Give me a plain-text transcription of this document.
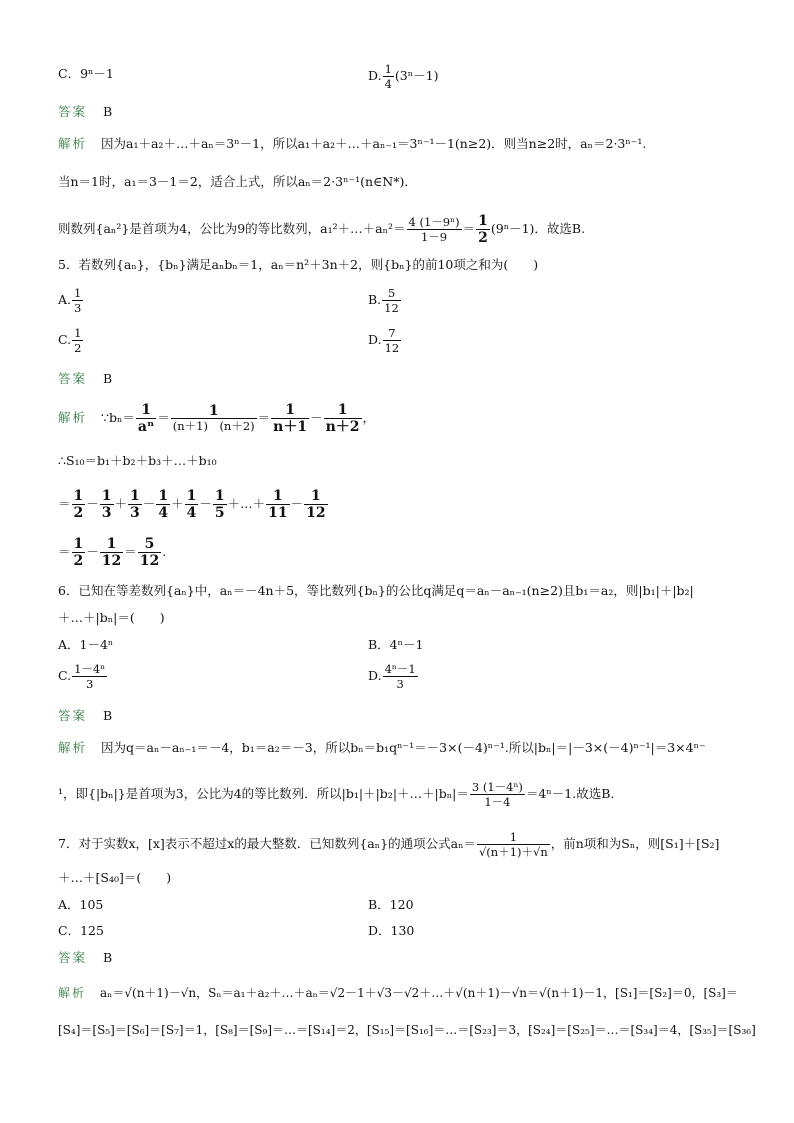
C．9ⁿ－1	D. $\frac{1}{4} (3^n-1)$
答案 B
解析 因为a₁＋a₂＋…＋aₙ＝3ⁿ－1，所以a₁＋a₂＋…＋aₙ₋₁＝3ⁿ⁻¹－1(n≥2)．则当n≥2时，aₙ＝2·3ⁿ⁻¹.
当n＝1时，a₁＝3－1＝2，适合上式，所以aₙ＝2·3ⁿ⁻¹(n∈N*)．
则数列{aₙ²}是首项为4，公比为9的等比数列，a₁²＋…＋aₙ²＝ $\frac{\text{4 (1－9ⁿ)}}{1-9} = \frac{1}{2} (9^n-1)$．故选B.
5．若数列{aₙ}，{bₙ}满足aₙbₙ＝1，aₙ＝n²＋3n＋2，则{bₙ}的前10项之和为(　　)
A. $\frac{1}{3}$	B. $\frac{5}{12}$
C. $\frac{1}{2}$	D. $\frac{7}{12}$
答案 B
解析 ∵bₙ＝ $\frac{1}{\text{aⁿ}} = \frac{1}{(n+1) (n+2)} = \frac{1}{n+1} - \frac{1}{n+2}$ ，
∴S₁₀＝b₁＋b₂＋b₃＋…＋b₁₀
＝ $\frac{1}{2} - \frac{1}{3} + \frac{1}{3} - \frac{1}{4} + \frac{1}{4} - \frac{1}{5}$ ＋…＋ $\frac{1}{11} - \frac{1}{12}$
＝ $\frac{1}{2} - \frac{1}{12} = \frac{5}{12}$ .
6．已知在等差数列{aₙ}中，aₙ＝－4n＋5，等比数列{bₙ}的公比q满足q＝aₙ－aₙ₋₁(n≥2)且b₁＝a₂，则|b₁|＋|b₂|
＋…＋|bₙ|＝(　　)
A．1－4ⁿ	B．4ⁿ－1
C. $\frac{\text{1－4ⁿ}}{3}$	D. $\frac{\text{4ⁿ－1}}{3}$
答案 B
解析 因为q＝aₙ－aₙ₋₁＝－4，b₁＝a₂＝－3，所以bₙ＝b₁qⁿ⁻¹＝－3×(－4)ⁿ⁻¹.所以|bₙ|＝|－3×(－4)ⁿ⁻¹|＝3×4ⁿ⁻
¹，即{|bₙ|}是首项为3，公比为4的等比数列．所以|b₁|＋|b₂|＋…＋|bₙ|＝ $\frac{\text{3 (1－4ⁿ)}}{1-4} =4^n-1$.故选B.
7．对于实数x，[x]表示不超过x的最大整数．已知数列{aₙ}的通项公式$a_n= \frac{1}{√(n+1)+√n}$ ，前n项和为Sₙ，则[S₁]＋[S₂]
＋…＋[S₄₀]＝(　　)
A．105	B．120
C．125	D．130
答案 B
解析 aₙ＝√(n＋1)－√n，Sₙ＝a₁＋a₂＋…＋aₙ＝√2－1＋√3－√2＋…＋√(n＋1)－√n＝√(n＋1)－1，[S₁]＝[S₂]＝0，[S₃]＝
[S₄]＝[S₅]＝[S₆]＝[S₇]＝1，[S₈]＝[S₉]＝…＝[S₁₄]＝2，[S₁₅]＝[S₁₆]＝…＝[S₂₃]＝3，[S₂₄]＝[S₂₅]＝…＝[S₃₄]＝4，[S₃₅]＝[S₃₆]
